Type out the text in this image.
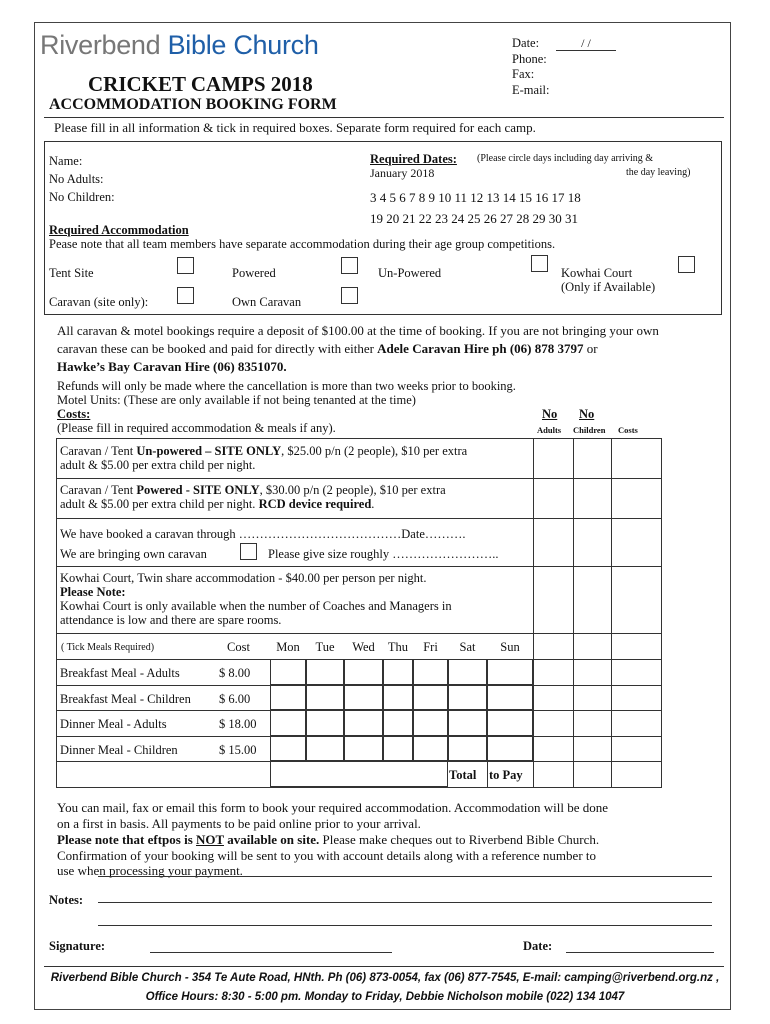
Riverbend Bible Church
CRICKET CAMPS 2018
ACCOMMODATION BOOKING FORM
Date:	/ /
Phone:
Fax:
E-mail:
Please fill in all information & tick in required boxes. Separate form required for each camp.
Name:
No Adults:
No Children:
Required Dates: (Please circle days including day arriving &
the day leaving)
January 2018
3 4 5 6 7 8 9 10 11 12 13 14 15 16 17 18
19 20 21 22 23 24 25 26 27 28 29 30 31
Required Accommodation
Pease note that all team members have separate accommodation during their age group competitions.
Tent Site	Powered	Un-Powered	Kowhai Court
(Only if Available)
Caravan (site only):	Own Caravan
All caravan & motel bookings require a deposit of $100.00 at the time of booking. If you are not bringing your own
caravan these can be booked and paid for directly with either Adele Caravan Hire ph (06) 878 3797 or
Hawke’s Bay Caravan Hire (06) 8351070.
Refunds will only be made where the cancellation is more than two weeks prior to booking.
Motel Units: (These are only available if not being tenanted at the time)
Costs:
(Please fill in required accommodation & meals if any).
No No
Adults Children Costs
Caravan / Tent Un-powered – SITE ONLY, $25.00 p/n (2 people), $10 per extra
adult & $5.00 per extra child per night.
Caravan / Tent Powered - SITE ONLY, $30.00 p/n (2 people), $10 per extra
adult & $5.00 per extra child per night. RCD device required.
We have booked a caravan through …………………………………Date……….
We are bringing own caravan	Please give size roughly ……………………..
Kowhai Court, Twin share accommodation - $40.00 per person per night.
Please Note:
Kowhai Court is only available when the number of Coaches and Managers in
attendance is low and there are spare rooms.
Mon	Tue	Wed	Thu	Fri	Sat	Sun
Breakfast Meal - Adults	$ 8.00
Breakfast Meal - Children $ 6.00
Dinner Meal - Adults	$ 18.00
Dinner Meal - Children	$ 15.00
Total to Pay
( Tick Meals Required)	Cost
You can mail, fax or email this form to book your required accommodation. Accommodation will be done
on a first in basis. All payments to be paid online prior to your arrival.
Please note that eftpos is NOT available on site. Please make cheques out to Riverbend Bible Church.
Confirmation of your booking will be sent to you with account details along with a reference number to
use when processing your payment.
Notes:
Signature:	Date:
Riverbend Bible Church - 354 Te Aute Road, HNth. Ph (06) 873-0054, fax (06) 877-7545, E-mail: camping@riverbend.org.nz ,
Office Hours: 8:30 - 5:00 pm. Monday to Friday, Debbie Nicholson mobile (022) 134 1047
